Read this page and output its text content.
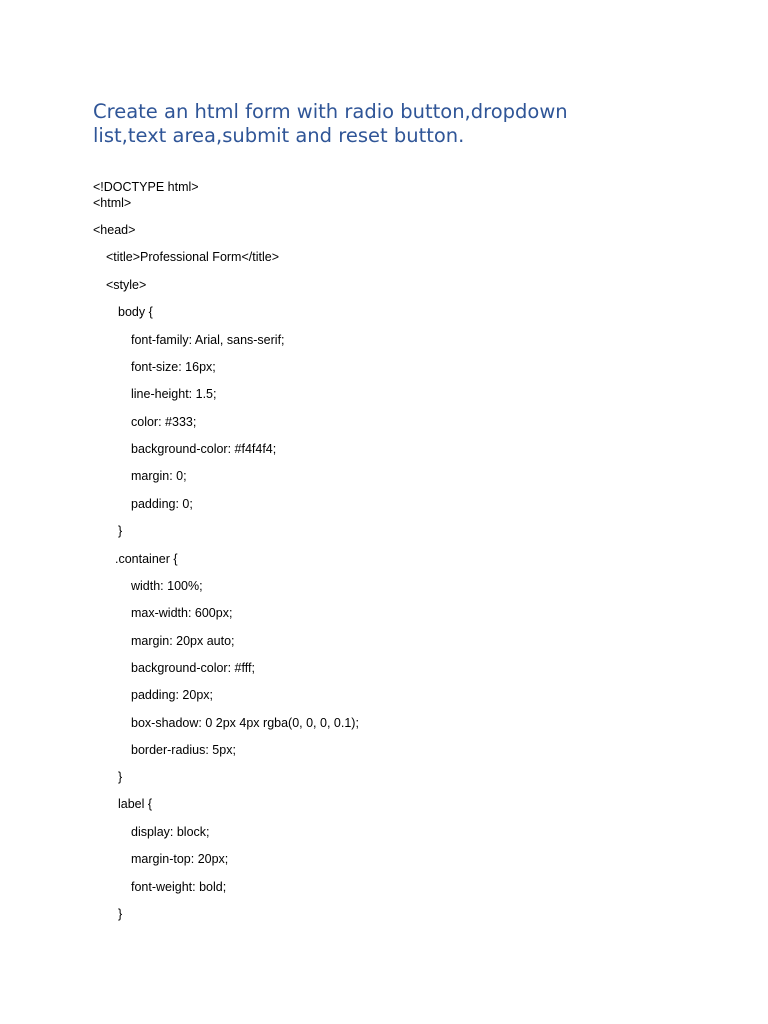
Create an html form with radio button,dropdown
list,text area,submit and reset button.
<!DOCTYPE html>
<html>
<head>
<title>Professional Form</title>
<style>
body {
font-family: Arial, sans-serif;
font-size: 16px;
line-height: 1.5;
color: #333;
background-color: #f4f4f4;
margin: 0;
padding: 0;
}
.container {
width: 100%;
max-width: 600px;
margin: 20px auto;
background-color: #fff;
padding: 20px;
box-shadow: 0 2px 4px rgba(0, 0, 0, 0.1);
border-radius: 5px;
}
label {
display: block;
margin-top: 20px;
font-weight: bold;
}
